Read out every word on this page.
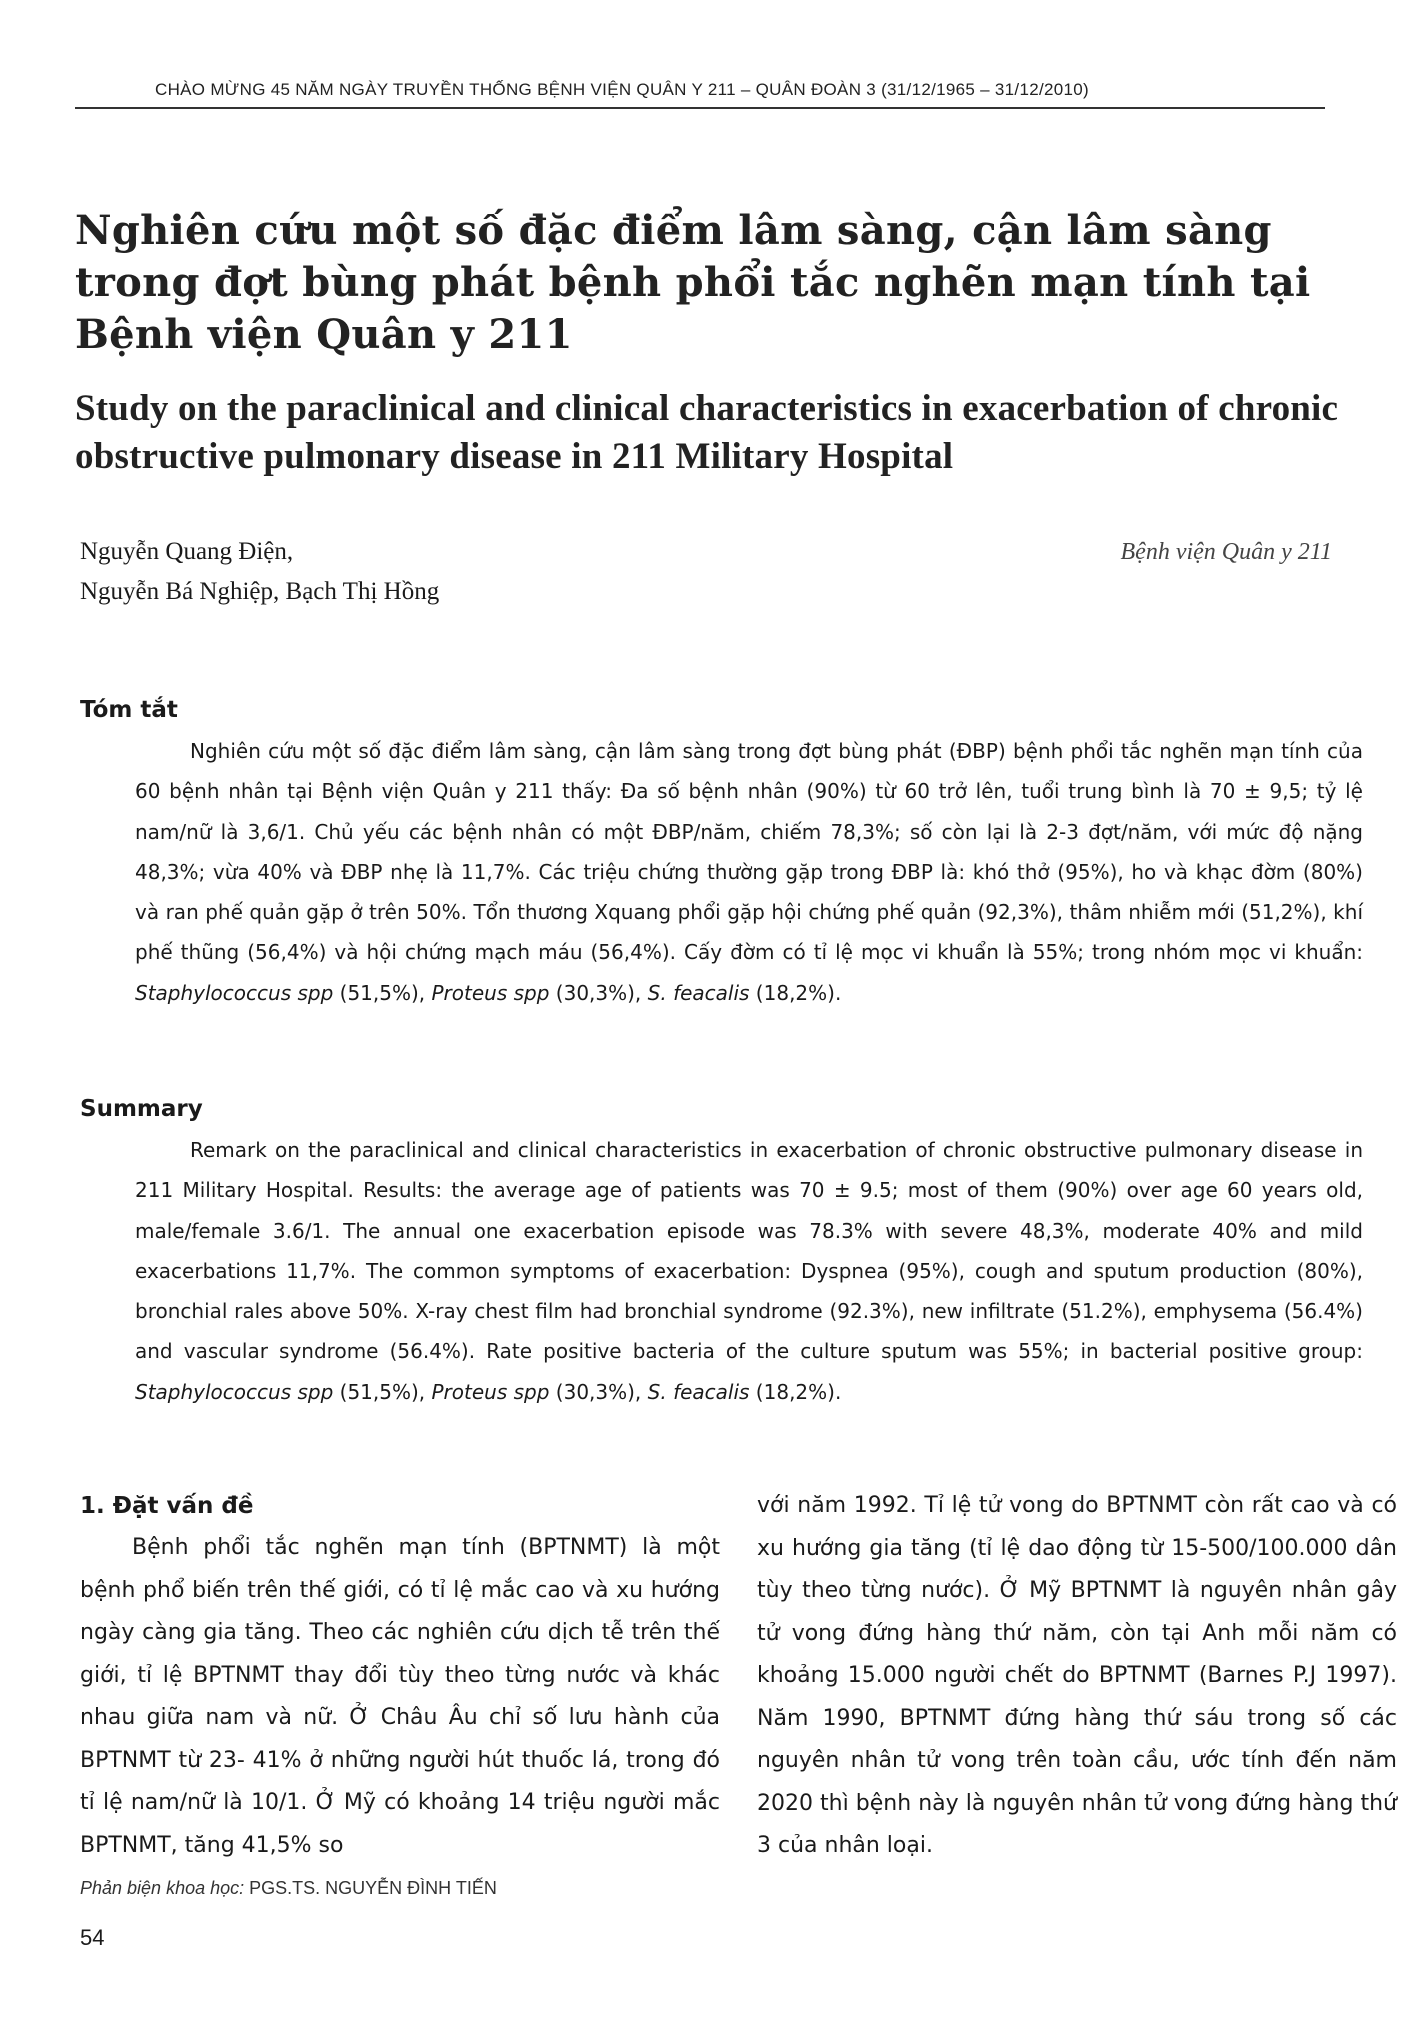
CHÀO MỪNG 45 NĂM NGÀY TRUYỀN THỐNG BỆNH VIỆN QUÂN Y 211 – QUÂN ĐOÀN 3 (31/12/1965 – 31/12/2010)
Nghiên cứu một số đặc điểm lâm sàng, cận lâm sàng trong đợt bùng phát bệnh phổi tắc nghẽn mạn tính tại Bệnh viện Quân y 211
Study on the paraclinical and clinical characteristics in exacerbation of chronic obstructive pulmonary disease in 211 Military Hospital
Nguyễn Quang Điện,
Nguyễn Bá Nghiệp, Bạch Thị Hồng
Bệnh viện Quân y 211
Tóm tắt

Nghiên cứu một số đặc điểm lâm sàng, cận lâm sàng trong đợt bùng phát (ĐBP) bệnh phổi tắc nghẽn mạn tính của 60 bệnh nhân tại Bệnh viện Quân y 211 thấy: Đa số bệnh nhân (90%) từ 60 trở lên, tuổi trung bình là 70 ± 9,5; tỷ lệ nam/nữ là 3,6/1. Chủ yếu các bệnh nhân có một ĐBP/năm, chiếm 78,3%; số còn lại là 2-3 đợt/năm, với mức độ nặng 48,3%; vừa 40% và ĐBP nhẹ là 11,7%. Các triệu chứng thường gặp trong ĐBP là: khó thở (95%), ho và khạc đờm (80%) và ran phế quản gặp ở trên 50%. Tổn thương Xquang phổi gặp hội chứng phế quản (92,3%), thâm nhiễm mới (51,2%), khí phế thũng (56,4%) và hội chứng mạch máu (56,4%). Cấy đờm có tỉ lệ mọc vi khuẩn là 55%; trong nhóm mọc vi khuẩn: Staphylococcus spp (51,5%), Proteus spp (30,3%), S. feacalis (18,2%).

Summary

Remark on the paraclinical and clinical characteristics in exacerbation of chronic obstructive pulmonary disease in 211 Military Hospital. Results: the average age of patients was 70 ± 9.5; most of them (90%) over age 60 years old, male/female 3.6/1. The annual one exacerbation episode was 78.3% with severe 48,3%, moderate 40% and mild exacerbations 11,7%. The common symptoms of exacerbation: Dyspnea (95%), cough and sputum production (80%), bronchial rales above 50%. X-ray chest film had bronchial syndrome (92.3%), new infiltrate (51.2%), emphysema (56.4%) and vascular syndrome (56.4%). Rate positive bacteria of the culture sputum was 55%; in bacterial positive group: Staphylococcus spp (51,5%), Proteus spp (30,3%), S. feacalis (18,2%).

1. Đặt vấn đề

Bệnh phổi tắc nghẽn mạn tính (BPTNMT) là một bệnh phổ biến trên thế giới, có tỉ lệ mắc cao và xu hướng ngày càng gia tăng. Theo các nghiên cứu dịch tễ trên thế giới, tỉ lệ BPTNMT thay đổi tùy theo từng nước và khác nhau giữa nam và nữ. Ở Châu Âu chỉ số lưu hành của BPTNMT từ 23- 41% ở những người hút thuốc lá, trong đó tỉ lệ nam/nữ là 10/1. Ở Mỹ có khoảng 14 triệu người mắc BPTNMT, tăng 41,5% so

với năm 1992. Tỉ lệ tử vong do BPTNMT còn rất cao và có xu hướng gia tăng (tỉ lệ dao động từ 15-500/100.000 dân tùy theo từng nước). Ở Mỹ BPTNMT là nguyên nhân gây tử vong đứng hàng thứ năm, còn tại Anh mỗi năm có khoảng 15.000 người chết do BPTNMT (Barnes P.J 1997). Năm 1990, BPTNMT đứng hàng thứ sáu trong số các nguyên nhân tử vong trên toàn cầu, ước tính đến năm 2020 thì bệnh này là nguyên nhân tử vong đứng hàng thứ 3 của nhân loại.

Phản biện khoa học: PGS.TS. NGUYỄN ĐÌNH TIẾN
54
